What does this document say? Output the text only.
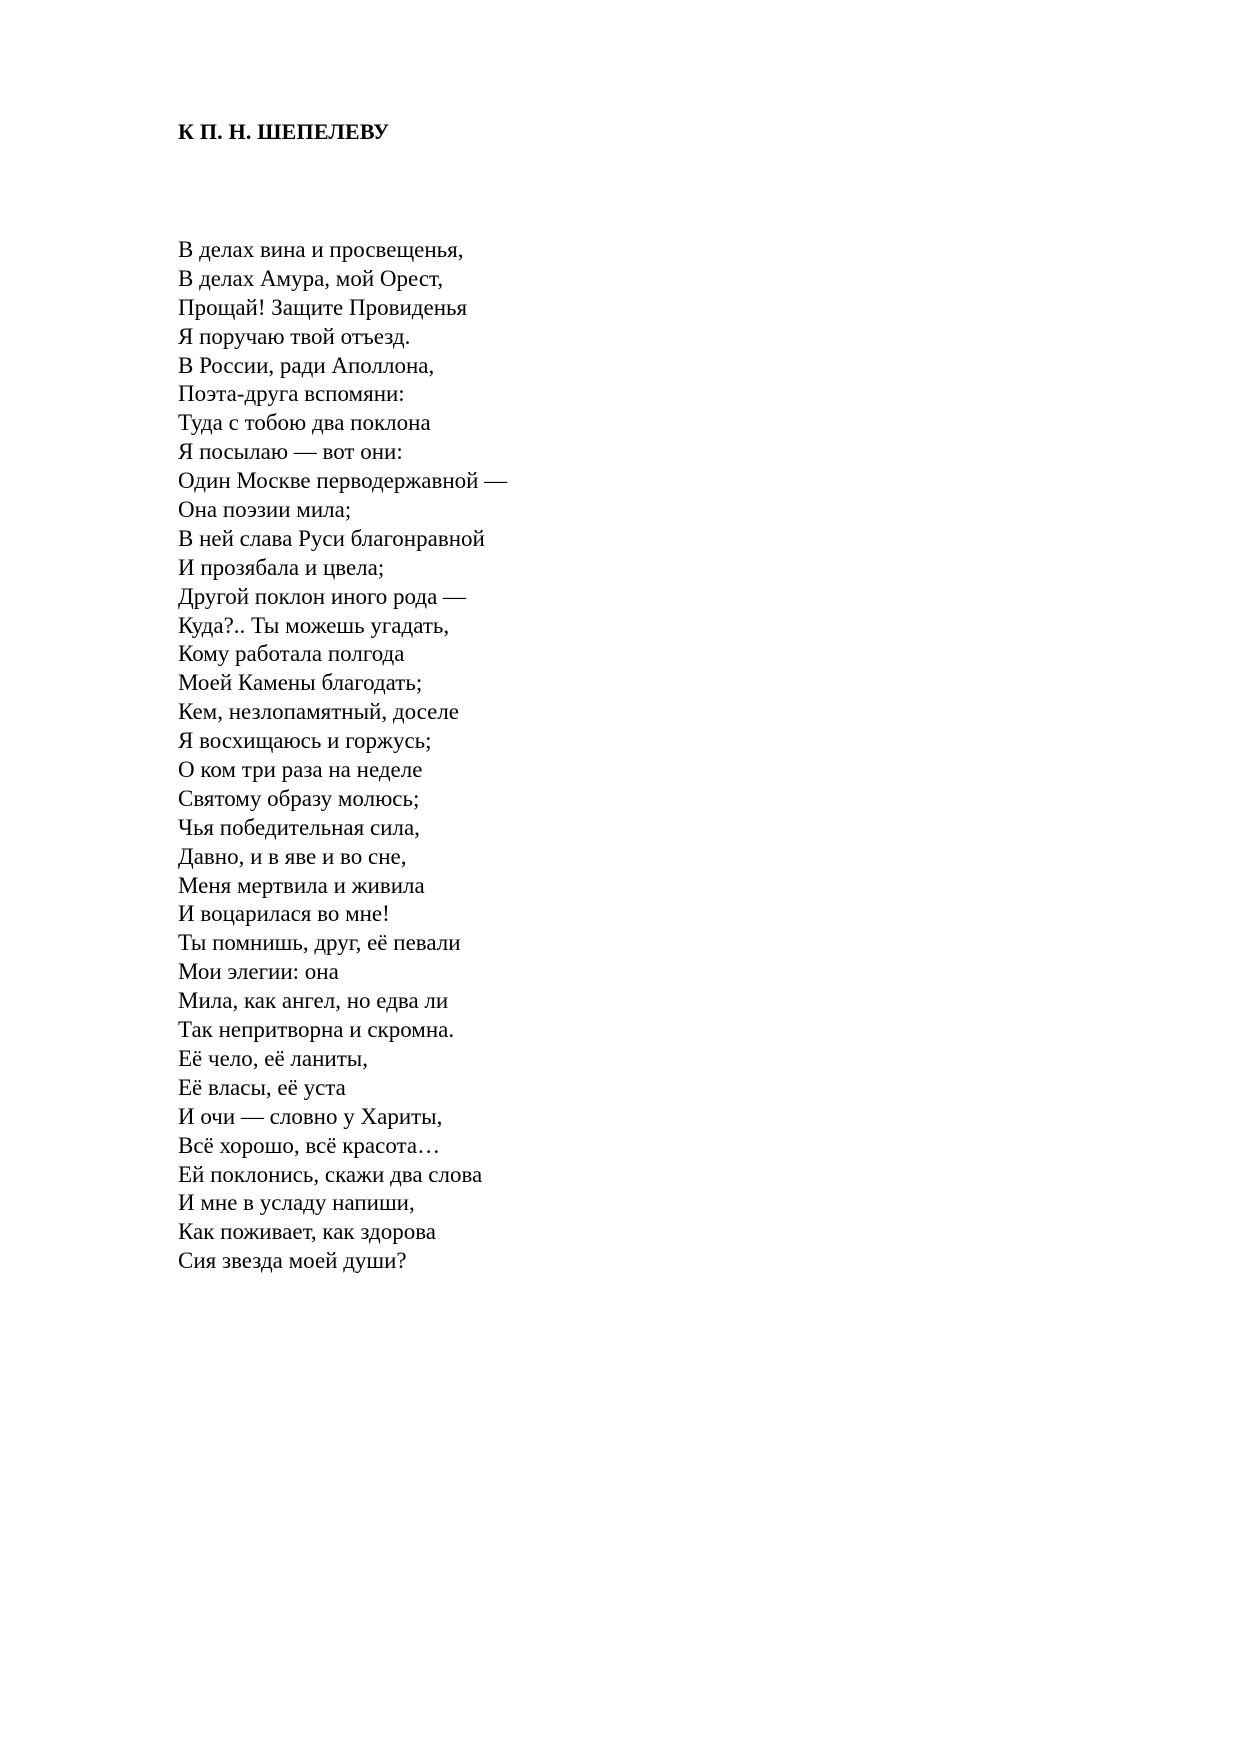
К П. Н. ШЕПЕЛЕВУ
В делах вина и просвещенья,
В делах Амура, мой Орест,
Прощай! Защите Провиденья
Я поручаю твой отъезд.
В России, ради Аполлона,
Поэта-друга вспомяни:
Туда с тобою два поклона
Я посылаю — вот они:
Один Москве перводержавной —
Она поэзии мила;
В ней слава Руси благонравной
И прозябала и цвела;
Другой поклон иного рода —
Куда?.. Ты можешь угадать,
Кому работала полгода
Моей Камены благодать;
Кем, незлопамятный, доселе
Я восхищаюсь и горжусь;
О ком три раза на неделе
Святому образу молюсь;
Чья победительная сила,
Давно, и в яве и во сне,
Меня мертвила и живила
И воцарилася во мне!
Ты помнишь, друг, её певали
Мои элегии: она
Мила, как ангел, но едва ли
Так непритворна и скромна.
Её чело, её ланиты,
Её власы, её уста
И очи — словно у Хариты,
Всё хорошо, всё красота…
Ей поклонись, скажи два слова
И мне в усладу напиши,
Как поживает, как здорова
Сия звезда моей души?
